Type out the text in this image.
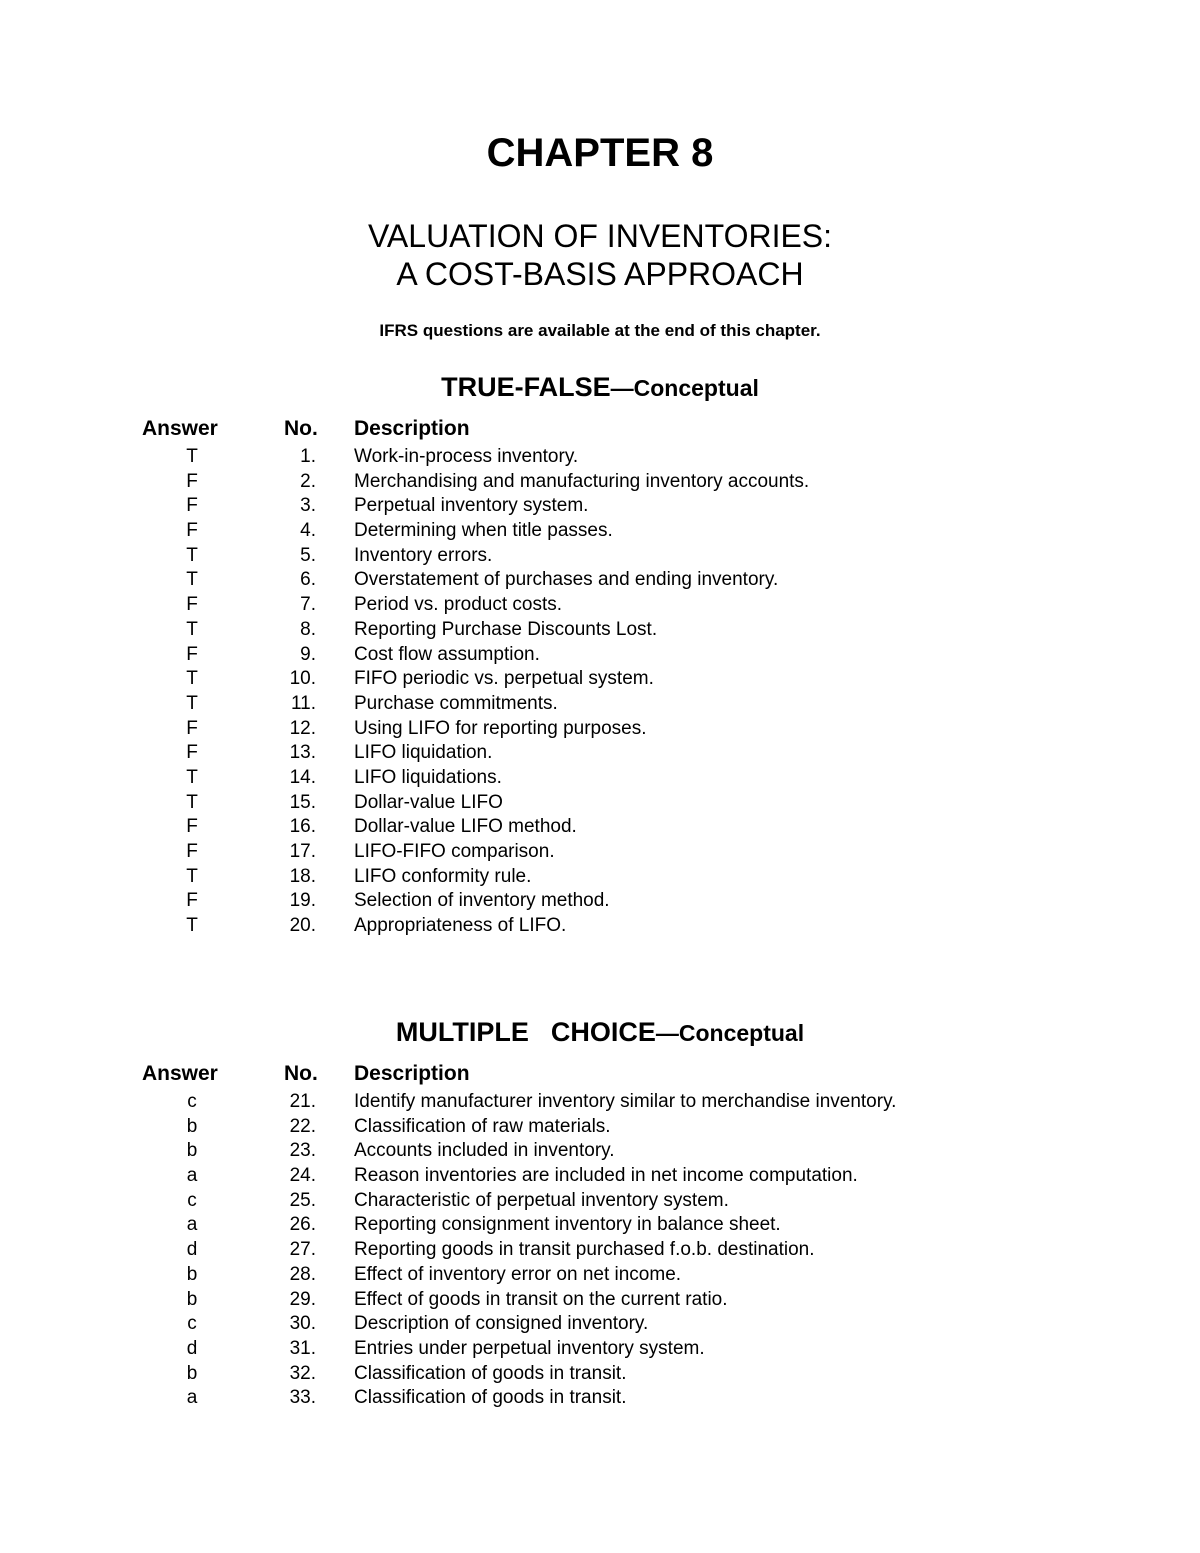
CHAPTER 8
VALUATION OF INVENTORIES:
A COST-BASIS APPROACH
IFRS questions are available at the end of this chapter.
TRUE-FALSE—Conceptual
Answer	No. Description
T	1. Work-in-process inventory.
F	2. Merchandising and manufacturing inventory accounts.
F	3. Perpetual inventory system.
F	4. Determining when title passes.
T	5. Inventory errors.
T	6. Overstatement of purchases and ending inventory.
F	7. Period vs. product costs.
T	8. Reporting Purchase Discounts Lost.
F	9. Cost flow assumption.
T	10. FIFO periodic vs. perpetual system.
T	11. Purchase commitments.
F	12. Using LIFO for reporting purposes.
F	13. LIFO liquidation.
T	14. LIFO liquidations.
T	15. Dollar-value LIFO
F	16. Dollar-value LIFO method.
F	17. LIFO-FIFO comparison.
T	18. LIFO conformity rule.
F	19. Selection of inventory method.
T	20. Appropriateness of LIFO.
MULTIPLE CHOICE—Conceptual
Answer	No. Description
c	21. Identify manufacturer inventory similar to merchandise inventory.
b	22. Classification of raw materials.
b	23. Accounts included in inventory.
a	24. Reason inventories are included in net income computation.
c	25. Characteristic of perpetual inventory system.
a	26. Reporting consignment inventory in balance sheet.
d	27. Reporting goods in transit purchased f.o.b. destination.
b	28. Effect of inventory error on net income.
b	29. Effect of goods in transit on the current ratio.
c	30. Description of consigned inventory.
d	31. Entries under perpetual inventory system.
b	32. Classification of goods in transit.
a	33. Classification of goods in transit.
